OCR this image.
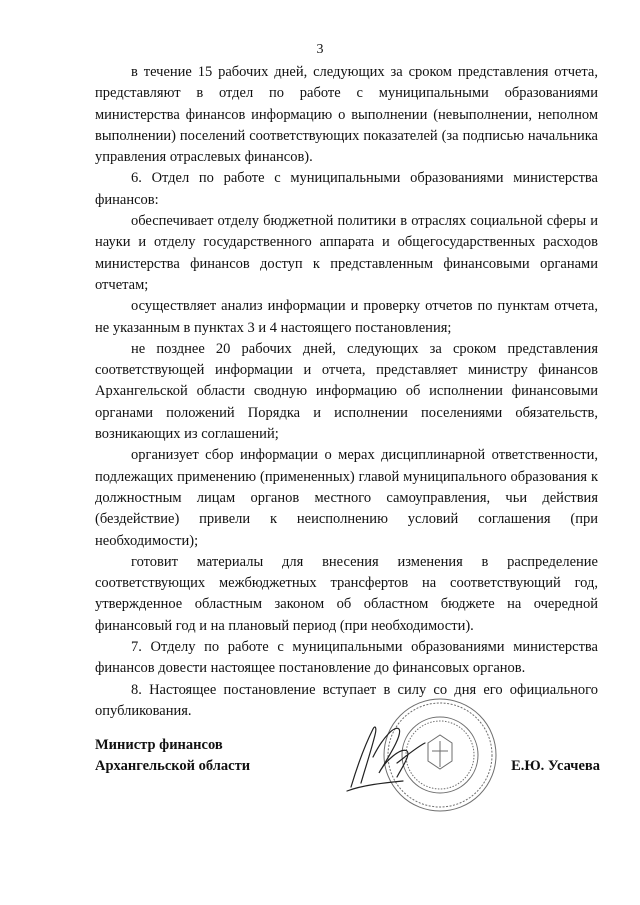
3

в течение 15 рабочих дней, следующих за сроком представления отчета, представляют в отдел по работе с муниципальными образованиями министерства финансов информацию о выполнении (невыполнении, неполном выполнении) поселений соответствующих показателей (за подписью начальника управления отраслевых финансов).

6. Отдел по работе с муниципальными образованиями министерства финансов:

обеспечивает отделу бюджетной политики в отраслях социальной сферы и науки и отделу государственного аппарата и общегосударственных расходов министерства финансов доступ к представленным финансовыми органами отчетам;

осуществляет анализ информации и проверку отчетов по пунктам отчета, не указанным в пунктах 3 и 4 настоящего постановления;

не позднее 20 рабочих дней, следующих за сроком представления соответствующей информации и отчета, представляет министру финансов Архангельской области сводную информацию об исполнении финансовыми органами положений Порядка и исполнении поселениями обязательств, возникающих из соглашений;

организует сбор информации о мерах дисциплинарной ответственности, подлежащих применению (примененных) главой муниципального образования к должностным лицам органов местного самоуправления, чьи действия (бездействие) привели к неисполнению условий соглашения (при необходимости);

готовит материалы для внесения изменения в распределение соответствующих межбюджетных трансфертов на соответствующий год, утвержденное областным законом об областном бюджете на очередной финансовый год и на плановый период (при необходимости).

7. Отделу по работе с муниципальными образованиями министерства финансов довести настоящее постановление до финансовых органов.

8. Настоящее постановление вступает в силу со дня его официального опубликования.

Министр финансов
Архангельской области	Е.Ю. Усачева
